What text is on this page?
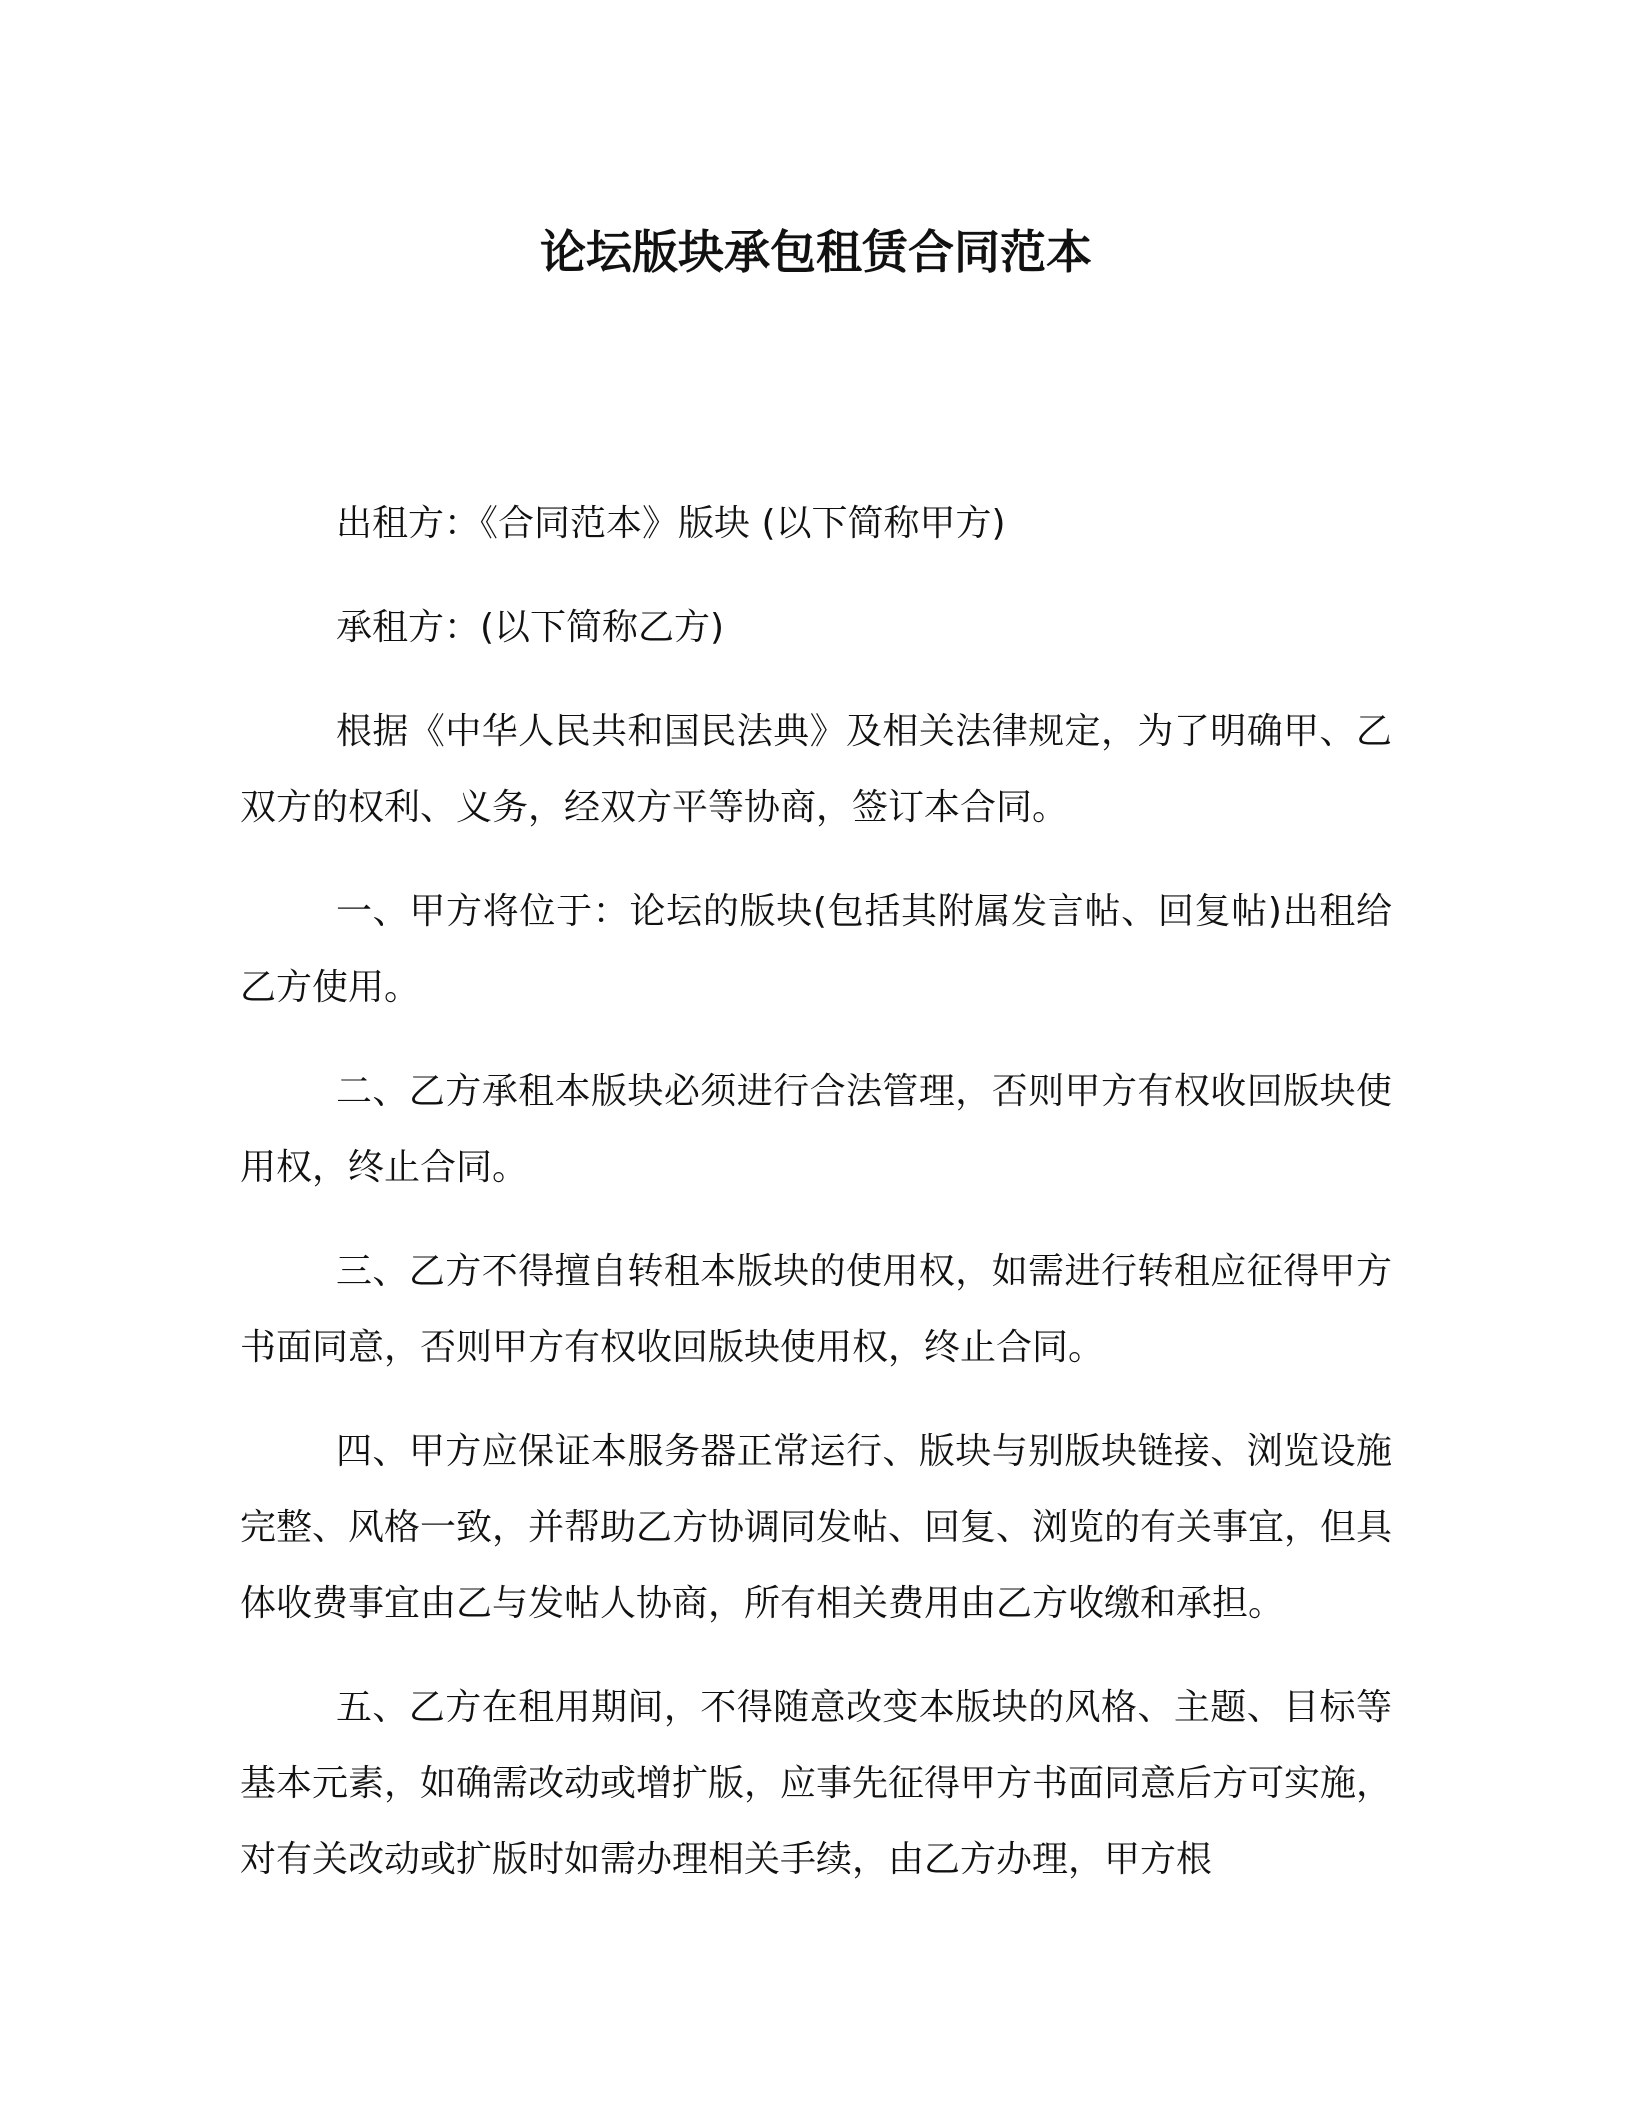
论坛版块承包租赁合同范本

出租方：《合同范本》版块 (以下简称甲方)

承租方：(以下简称乙方)

根据《中华人民共和国民法典》及相关法律规定，为了明确甲、乙双方的权利、义务，经双方平等协商，签订本合同。

一、甲方将位于：论坛的版块(包括其附属发言帖、回复帖)出租给乙方使用。

二、乙方承租本版块必须进行合法管理，否则甲方有权收回版块使用权，终止合同。

三、乙方不得擅自转租本版块的使用权，如需进行转租应征得甲方书面同意，否则甲方有权收回版块使用权，终止合同。

四、甲方应保证本服务器正常运行、版块与别版块链接、浏览设施完整、风格一致，并帮助乙方协调同发帖、回复、浏览的有关事宜，但具体收费事宜由乙与发帖人协商，所有相关费用由乙方收缴和承担。

五、乙方在租用期间，不得随意改变本版块的风格、主题、目标等基本元素，如确需改动或增扩版，应事先征得甲方书面同意后方可实施，对有关改动或扩版时如需办理相关手续，由乙方办理，甲方根
